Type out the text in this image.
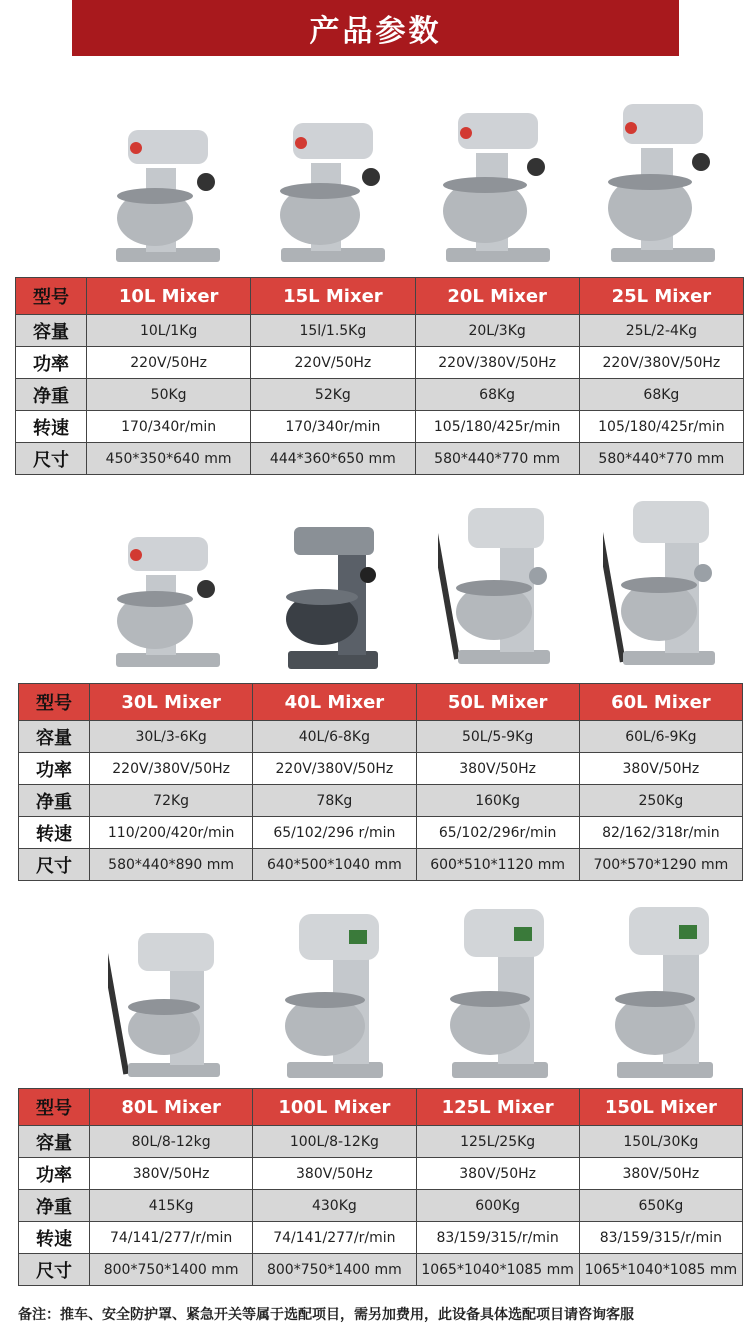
产品参数
型号	10L Mixer	15L Mixer	20L Mixer	25L Mixer
容量	10L/1Kg	15l/1.5Kg	20L/3Kg	25L/2-4Kg
功率	220V/50Hz	220V/50Hz	220V/380V/50Hz	220V/380V/50Hz
净重	50Kg	52Kg	68Kg	68Kg
转速	170/340r/min	170/340r/min	105/180/425r/min	105/180/425r/min
尺寸	450*350*640 mm	444*360*650 mm	580*440*770 mm	580*440*770 mm
型号	30L Mixer	40L Mixer	50L Mixer	60L Mixer
容量	30L/3-6Kg	40L/6-8Kg	50L/5-9Kg	60L/6-9Kg
功率	220V/380V/50Hz	220V/380V/50Hz	380V/50Hz	380V/50Hz
净重	72Kg	78Kg	160Kg	250Kg
转速	110/200/420r/min	65/102/296 r/min	65/102/296r/min	82/162/318r/min
尺寸	580*440*890 mm	640*500*1040 mm	600*510*1120 mm	700*570*1290 mm
型号	80L Mixer	100L Mixer	125L Mixer	150L Mixer
容量	80L/8-12kg	100L/8-12Kg	125L/25Kg	150L/30Kg
功率	380V/50Hz	380V/50Hz	380V/50Hz	380V/50Hz
净重	415Kg	430Kg	600Kg	650Kg
转速	74/141/277/r/min	74/141/277/r/min	83/159/315/r/min	83/159/315/r/min
尺寸	800*750*1400 mm	800*750*1400 mm	1065*1040*1085 mm	1065*1040*1085 mm
备注：推车、安全防护罩、紧急开关等属于选配项目，需另加费用，此设备具体选配项目请咨询客服
